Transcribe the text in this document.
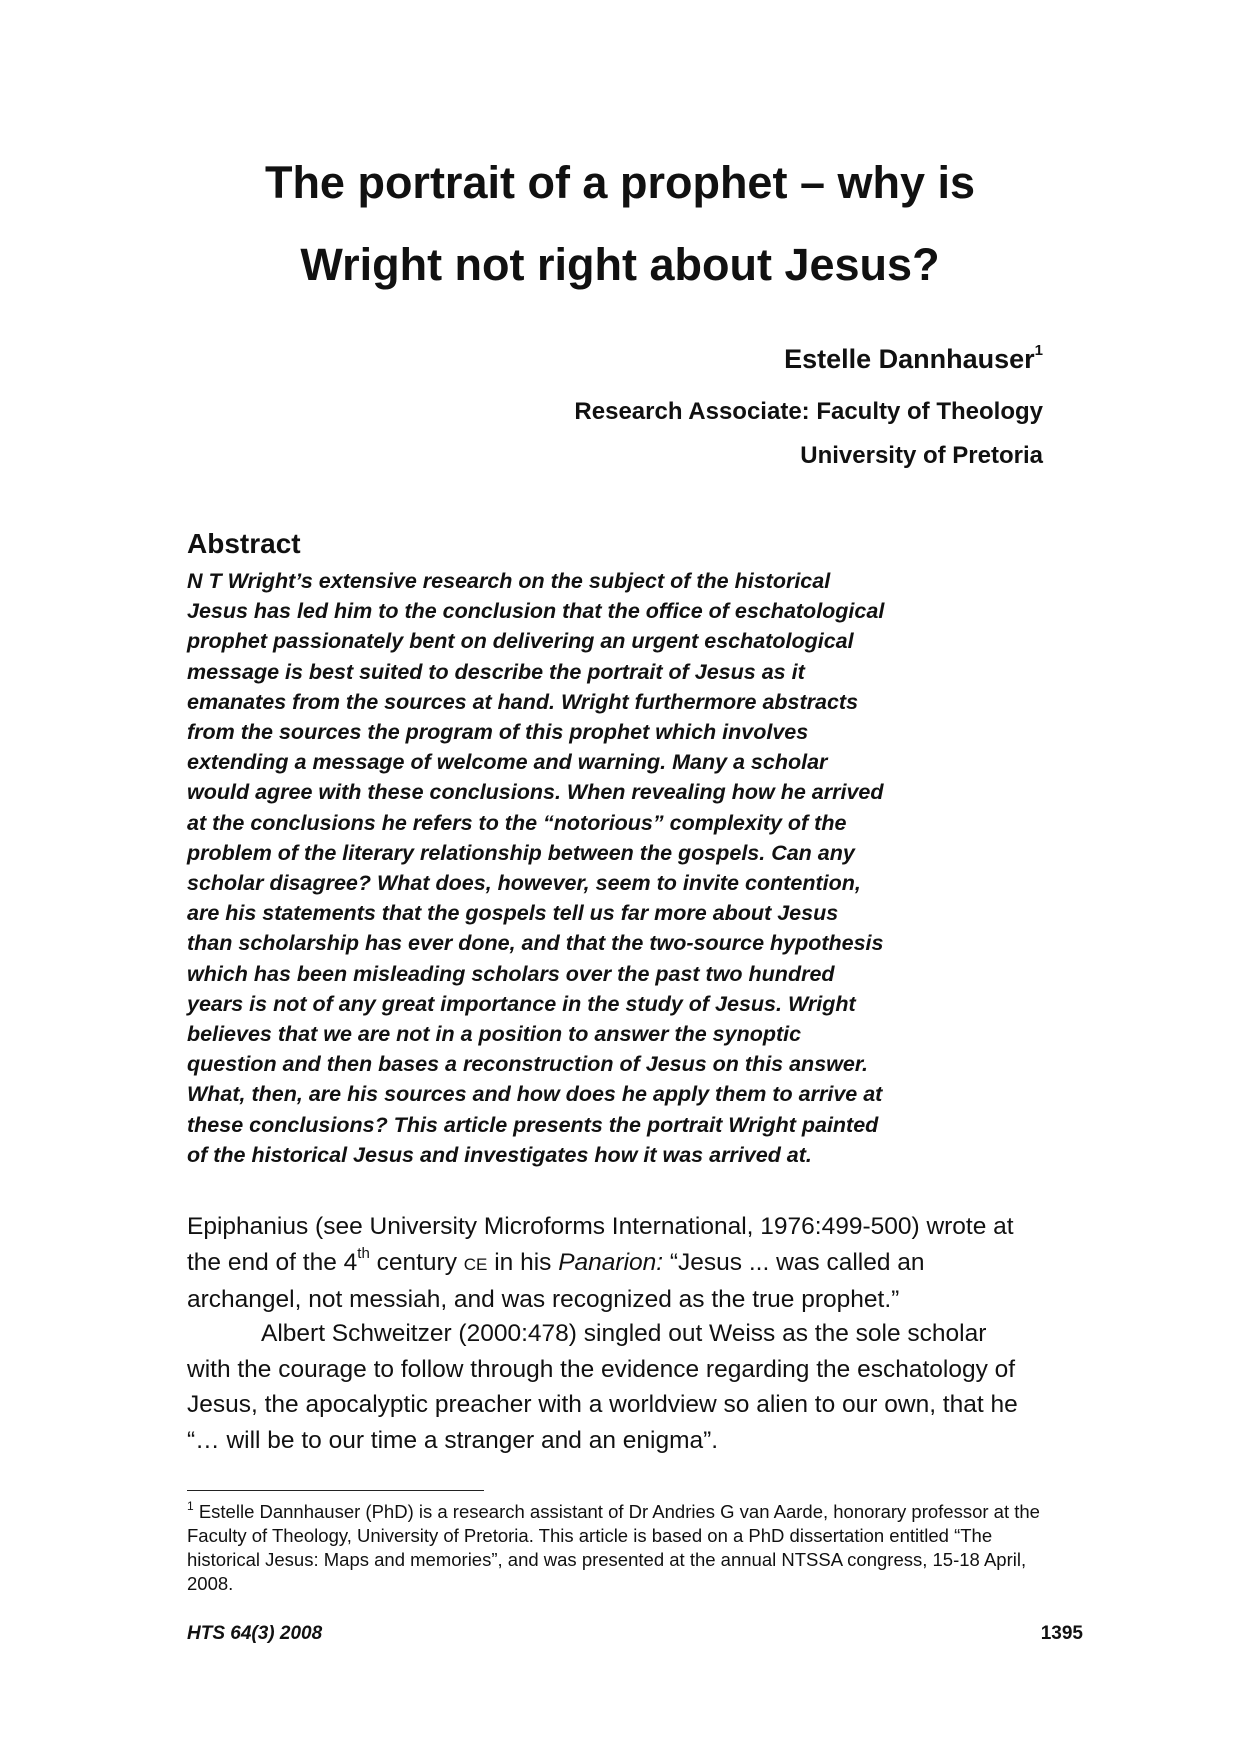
The portrait of a prophet – why is
Wright not right about Jesus?
Estelle Dannhauser$^1$
Research Associate: Faculty of Theology
University of Pretoria
Abstract

N T Wright’s extensive research on the subject of the historical
Jesus has led him to the conclusion that the office of eschatological
prophet passionately bent on delivering an urgent eschatological
message is best suited to describe the portrait of Jesus as it
emanates from the sources at hand. Wright furthermore abstracts
from the sources the program of this prophet which involves
extending a message of welcome and warning. Many a scholar
would agree with these conclusions. When revealing how he arrived
at the conclusions he refers to the “notorious” complexity of the
problem of the literary relationship between the gospels. Can any
scholar disagree? What does, however, seem to invite contention,
are his statements that the gospels tell us far more about Jesus
than scholarship has ever done, and that the two-source hypothesis
which has been misleading scholars over the past two hundred
years is not of any great importance in the study of Jesus. Wright
believes that we are not in a position to answer the synoptic
question and then bases a reconstruction of Jesus on this answer.
What, then, are his sources and how does he apply them to arrive at
these conclusions? This article presents the portrait Wright painted
of the historical Jesus and investigates how it was arrived at.

Epiphanius (see University Microforms International, 1976:499-500) wrote at the end of the 4th century CE in his Panarion: “Jesus ... was called an archangel, not messiah, and was recognized as the true prophet.”

Albert Schweitzer (2000:478) singled out Weiss as the sole scholar with the courage to follow through the evidence regarding the eschatology of Jesus, the apocalyptic preacher with a worldview so alien to our own, that he “… will be to our time a stranger and an enigma”.

$^1$ Estelle Dannhauser (PhD) is a research assistant of Dr Andries G van Aarde, honorary professor at the Faculty of Theology, University of Pretoria. This article is based on a PhD dissertation entitled “The historical Jesus: Maps and memories”, and was presented at the annual NTSSA congress, 15-18 April, 2008.

HTS 64(3) 2008	1395
